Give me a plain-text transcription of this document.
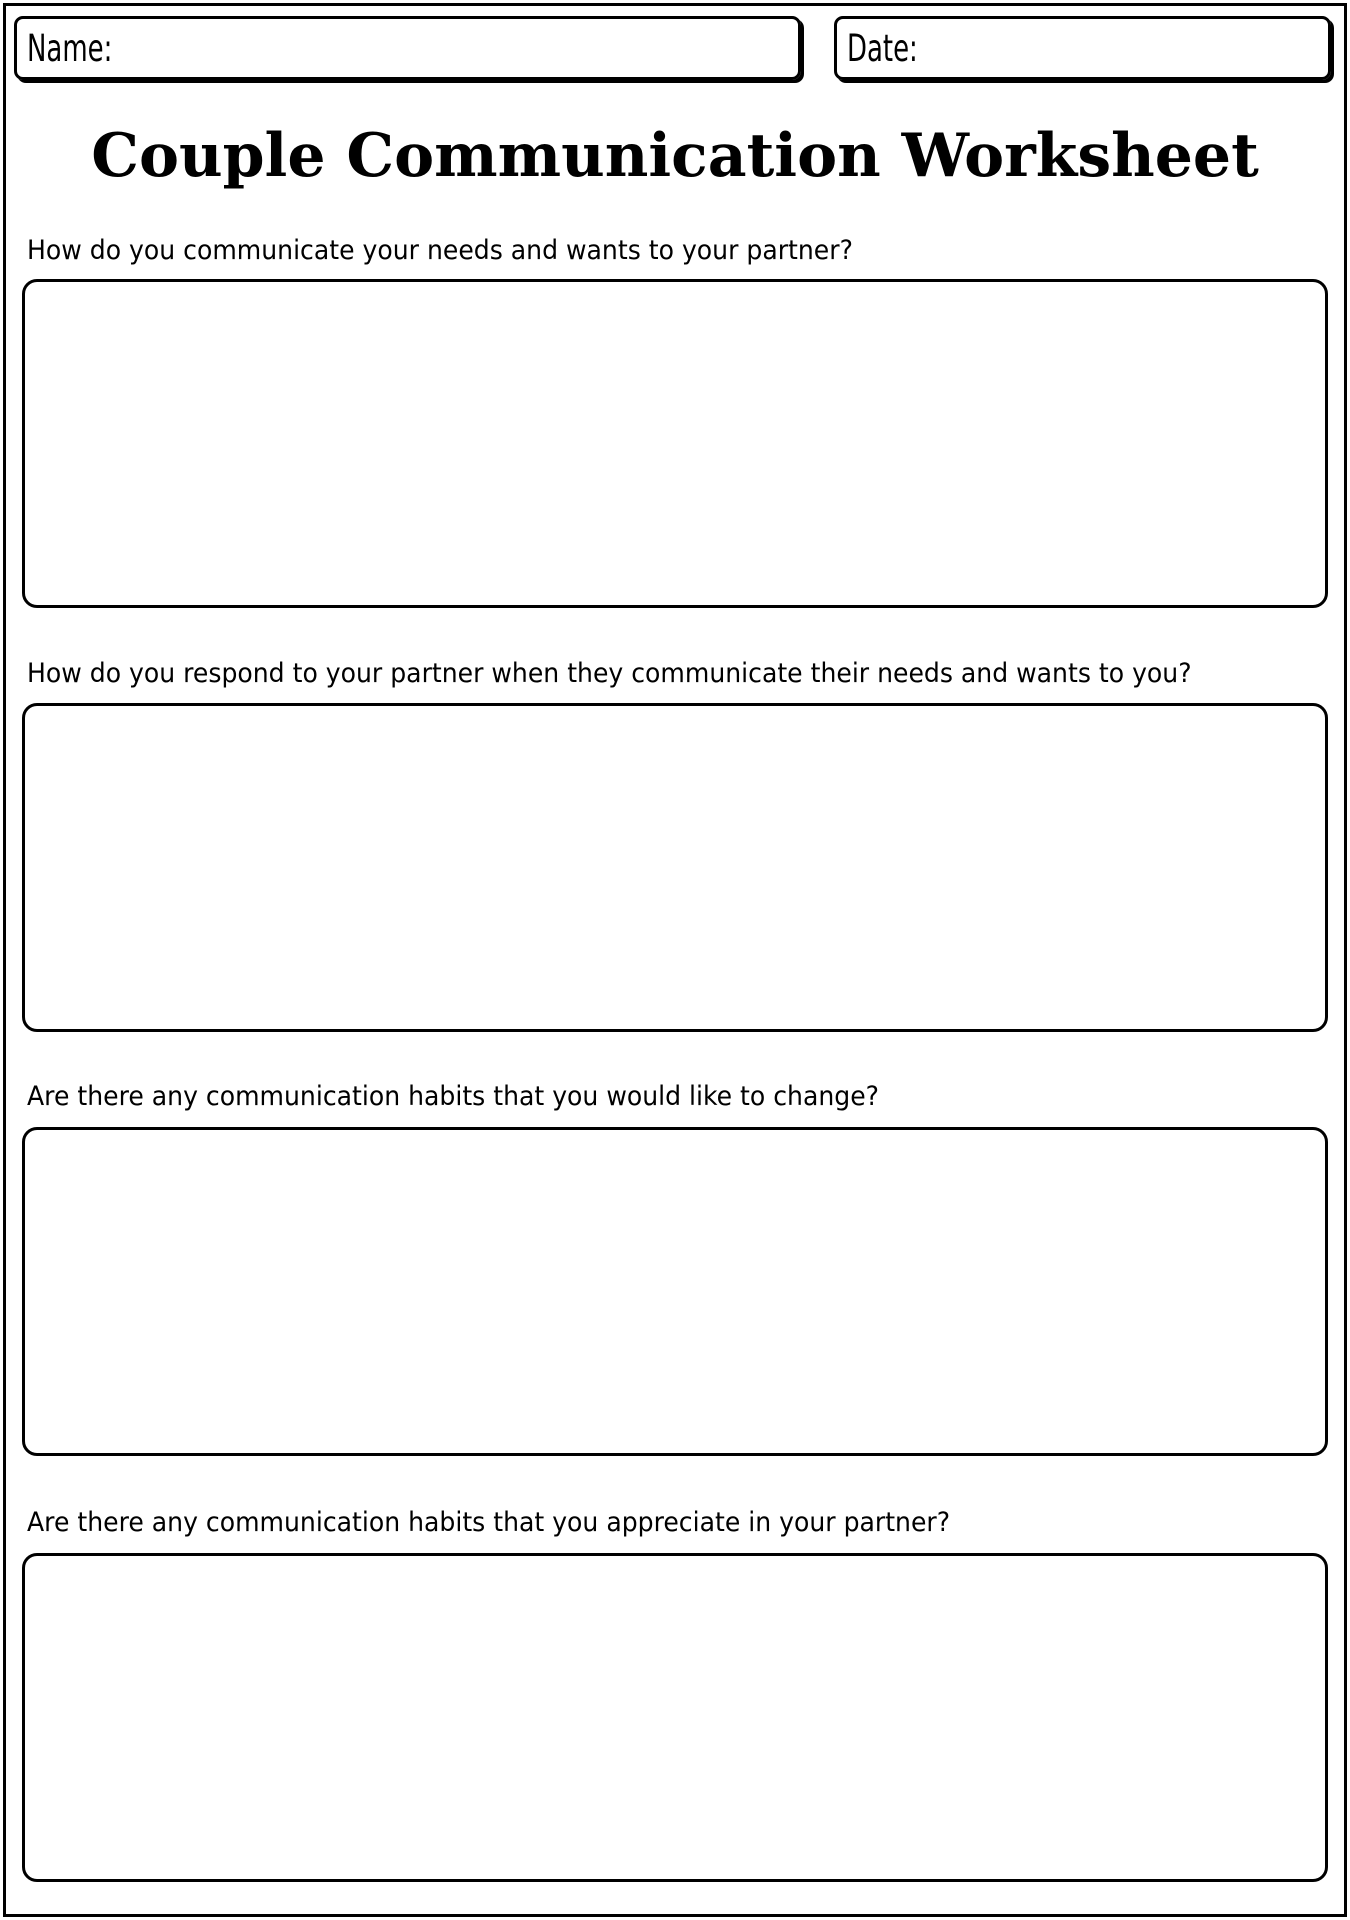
Name:	Date:
Couple Communication Worksheet
How do you communicate your needs and wants to your partner?
How do you respond to your partner when they communicate their needs and wants to you?
Are there any communication habits that you would like to change?
Are there any communication habits that you appreciate in your partner?
